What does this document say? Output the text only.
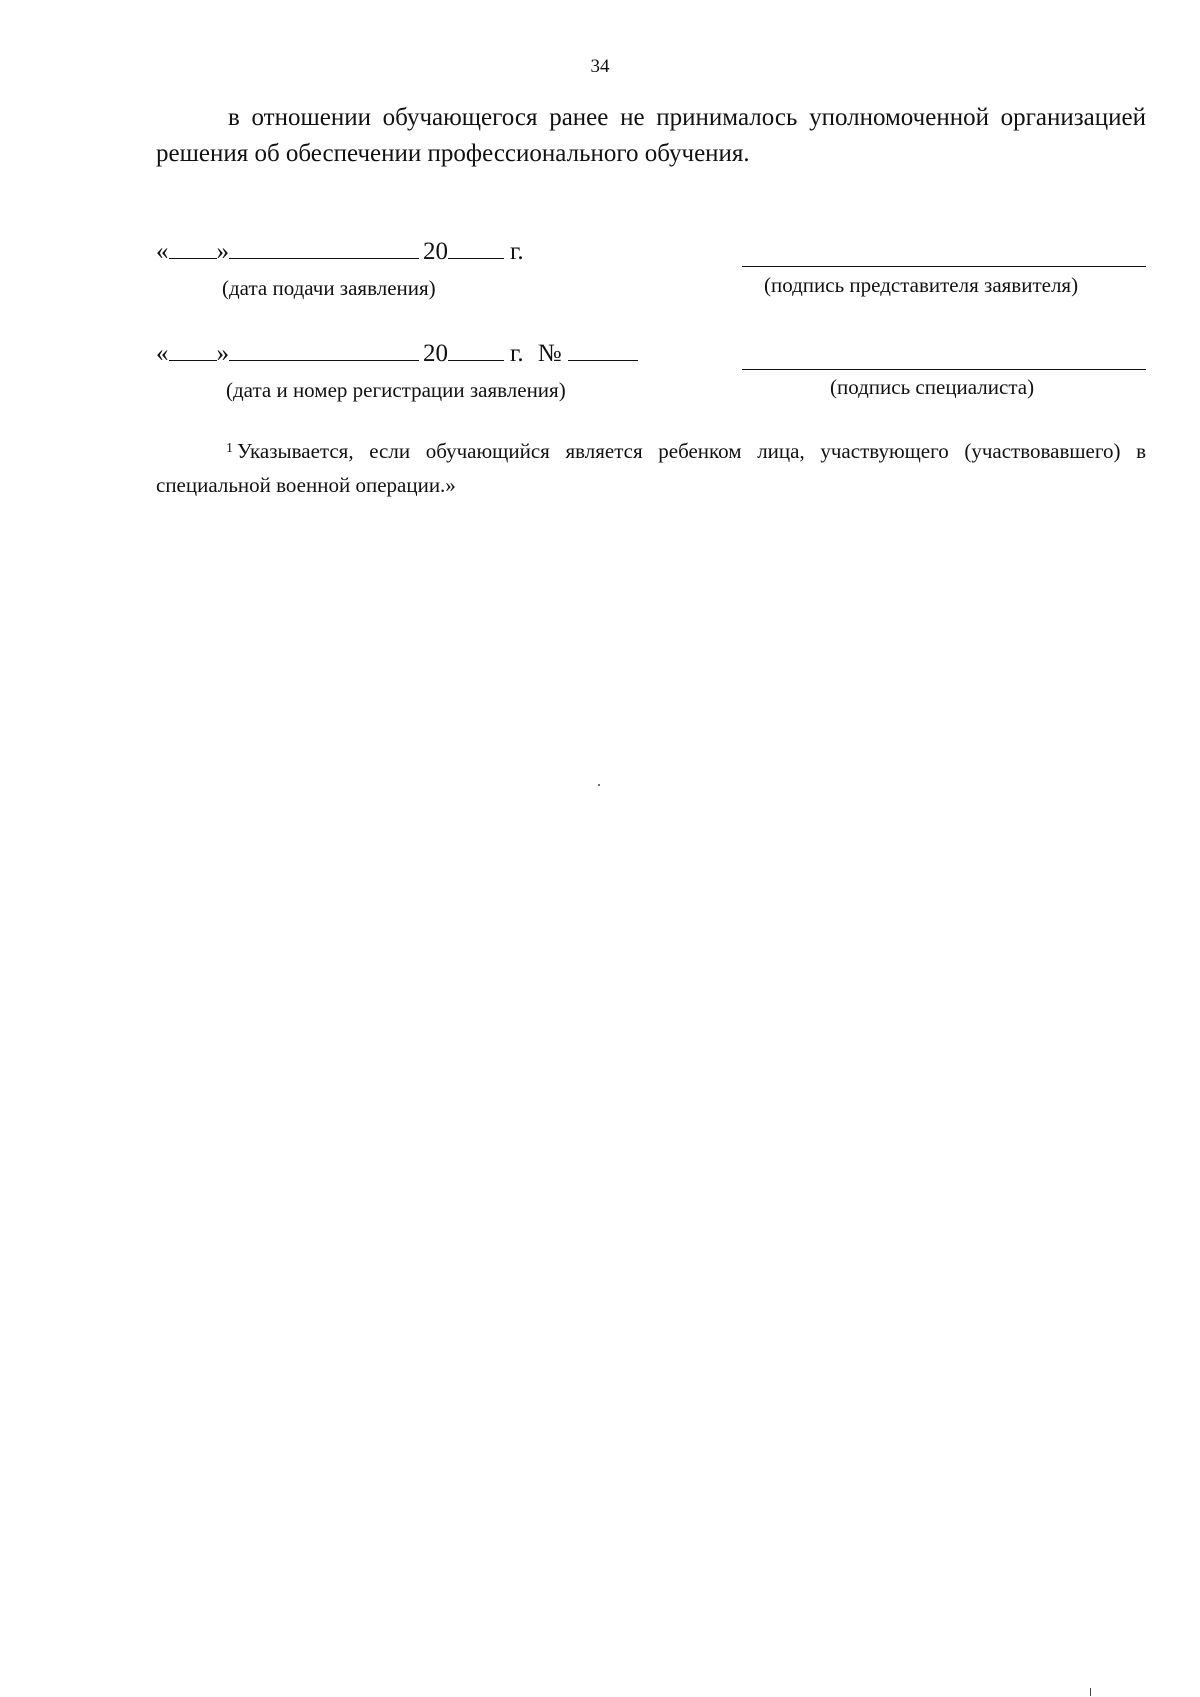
34

в отношении обучающегося ранее не принималось уполномоченной организацией решения об обеспечении профессионального обучения.

« »	20 г.
(дата подачи заявления)	(подпись представителя заявителя)
« »	20 г. №
(дата и номер регистрации заявления)	(подпись специалиста)

$^1$ Указывается, если обучающийся является ребенком лица, участвующего (участвовавшего) в специальной военной операции.»
